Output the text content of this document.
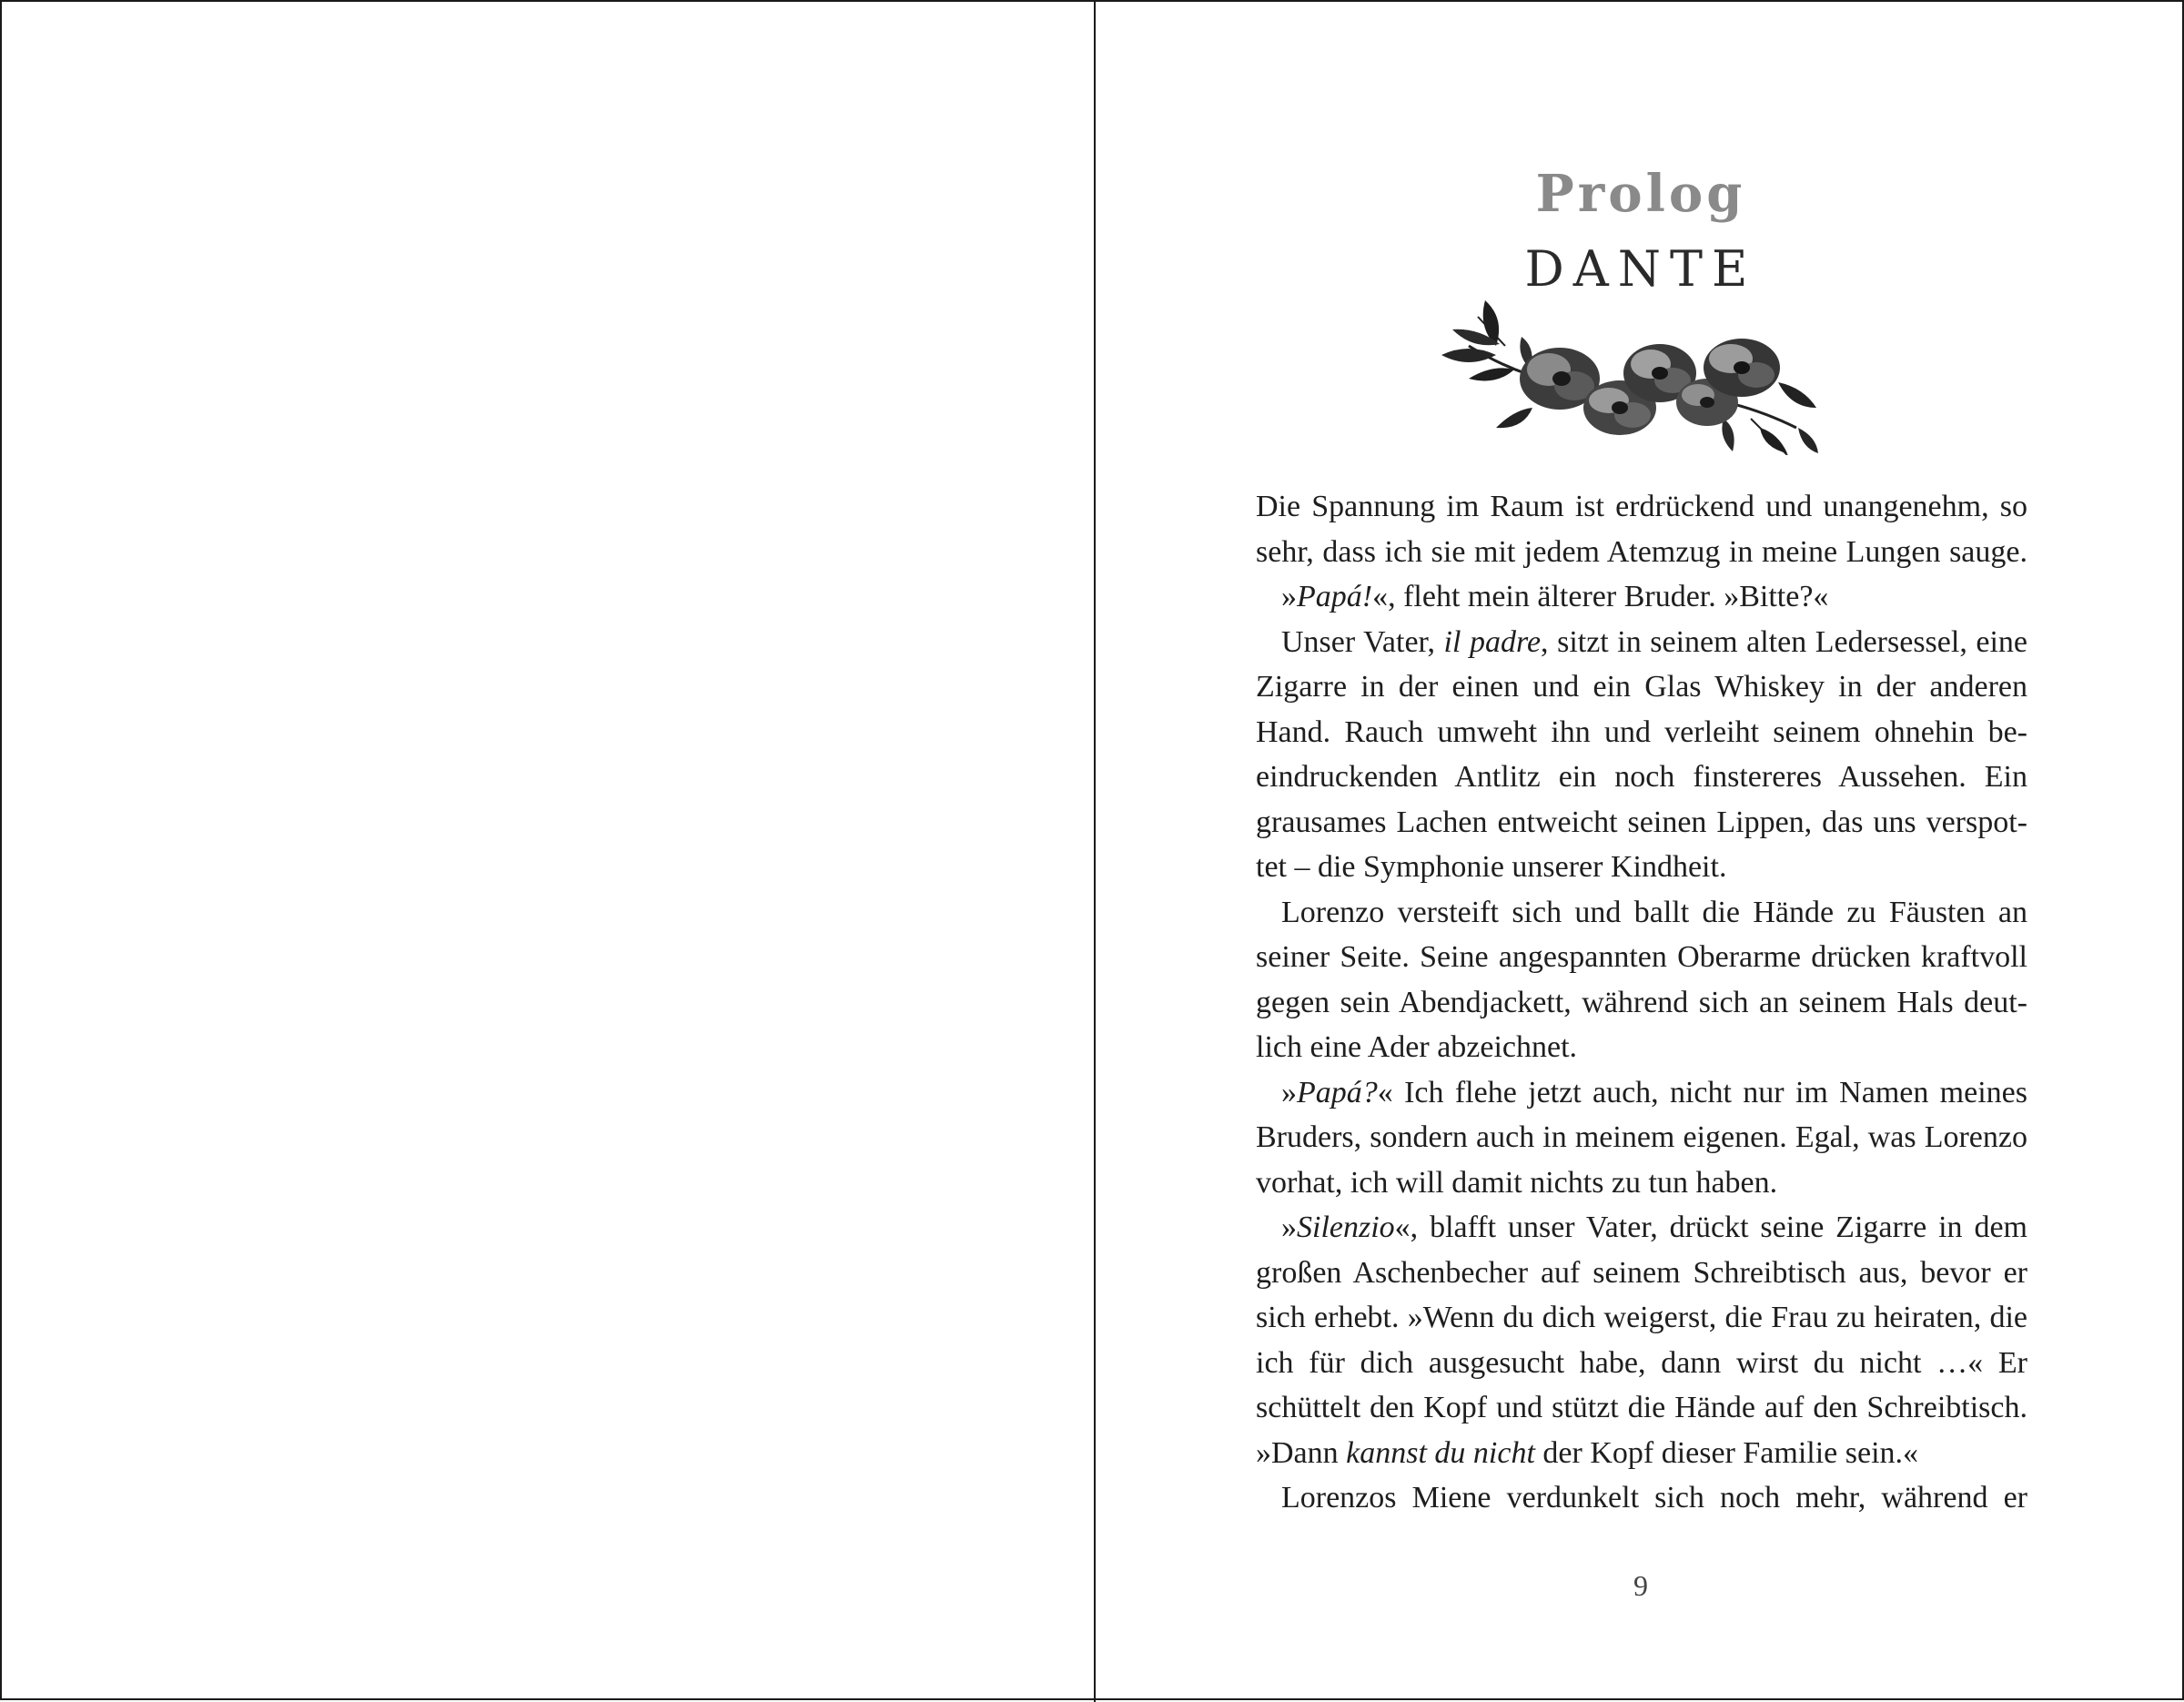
Prolog
DANTE

Die Spannung im Raum ist erdrückend und unangenehm, so sehr, dass ich sie mit jedem Atemzug in meine Lungen sauge.

»Papá!«, fleht mein älterer Bruder. »Bitte?«

Unser Vater, il padre, sitzt in seinem alten Ledersessel, eine Zigarre in der einen und ein Glas Whiskey in der anderen Hand. Rauch umweht ihn und verleiht seinem ohnehin beeindruckenden Antlitz ein noch finstereres Aussehen. Ein grausames Lachen entweicht seinen Lippen, das uns verspottet – die Symphonie unserer Kindheit.

Lorenzo versteift sich und ballt die Hände zu Fäusten an seiner Seite. Seine angespannten Oberarme drücken kraftvoll gegen sein Abendjackett, während sich an seinem Hals deutlich eine Ader abzeichnet.

»Papá?« Ich flehe jetzt auch, nicht nur im Namen meines Bruders, sondern auch in meinem eigenen. Egal, was Lorenzo vorhat, ich will damit nichts zu tun haben.

»Silenzio«, blafft unser Vater, drückt seine Zigarre in dem großen Aschenbecher auf seinem Schreibtisch aus, bevor er sich erhebt. »Wenn du dich weigerst, die Frau zu heiraten, die ich für dich ausgesucht habe, dann wirst du nicht …« Er schüttelt den Kopf und stützt die Hände auf den Schreibtisch. »Dann kannst du nicht der Kopf dieser Familie sein.«

Lorenzos Miene verdunkelt sich noch mehr, während er

9
